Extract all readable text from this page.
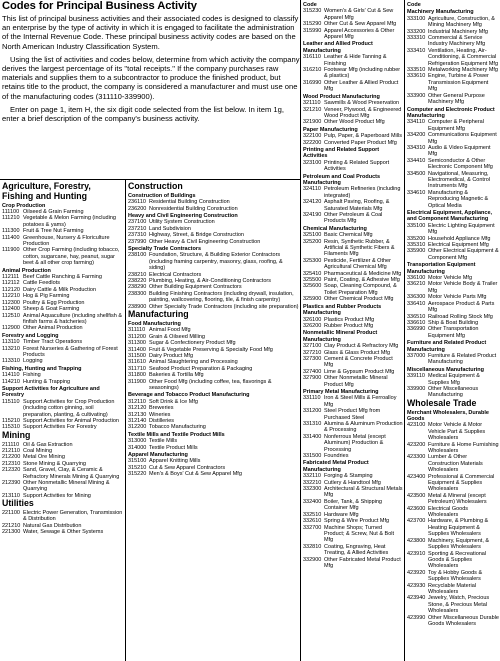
Codes for Principal Business Activity

This list of principal business activities and their associated codes is designed to classify an enterprise by the type of activity in which it is engaged to facilitate the administration of the Internal Revenue Code. These principal business activity codes are based on the North American Industry Classification System.

Using the list of activities and codes below, determine from which activity the company derives the largest percentage of its "total receipts." If the company purchases raw materials and supplies them to a subcontractor to produce the finished product, but retains title to the product, the company is considered a manufacturer and must use one of the manufacturing codes (311110-339900).

Enter on page 1, item H, the six digit code selected from the list below. In item 1g, enter a brief description of the company's business activity.

Agriculture, Forestry, Fishing and Hunting
Crop Production
111100 Oilseed & Grain Farming
111210 Vegetable & Melon Farming (including potatoes & yams)
111300 Fruit & Tree Nut Farming
111400 Greenhouse, Nursery & Floriculture Production
111900 Other Crop Farming (including tobacco, cotton, sugarcane, hay, peanut, sugar beet & all other crop farming)
Animal Production
112111 Beef Cattle Ranching & Farming
112112 Cattle Feedlots
112120 Dairy Cattle & Milk Production
112210 Hog & Pig Farming
112300 Poultry & Egg Production
112400 Sheep & Goat Farming
112510 Animal Aquaculture (including shellfish & finfish farms & hatcheries)
112900 Other Animal Production
Forestry and Logging
113110 Timber Tract Operations
113210 Forest Nurseries & Gathering of Forest Products
113310 Logging
Fishing, Hunting and Trapping
114110 Fishing
114210 Hunting & Trapping
Support Activities for Agriculture and Forestry
115110 Support Activities for Crop Production (including cotton ginning, soil preparation, planting, & cultivating)
115210 Support Activities for Animal Production
115310 Support Activities For Forestry
Mining
211110 Oil & Gas Extraction
212110 Coal Mining
212200 Metal Ore Mining
212310 Stone Mining & Quarrying
212320 Sand, Gravel, Clay, & Ceramic & Refractory Minerals Mining & Quarrying
212390 Other Nonmetallic Mineral Mining & Quarrying
213110 Support Activities for Mining
Utilities
221100 Electric Power Generation, Transmission & Distribution
221210 Natural Gas Distribution
221300 Water, Sewage & Other Systems
Construction
Construction of Buildings
236110 Residential Building Construction
236200 Nonresidential Building Construction
Heavy and Civil Engineering Construction
237100 Utility System Construction
237210 Land Subdivision
237310 Highway, Street, & Bridge Construction
237990 Other Heavy & Civil Engineering Construction
Specialty Trade Contractors
238100 Foundation, Structure, & Building Exterior Contractors (including framing carpentry, masonry, glass, roofing, & siding)
238210 Electrical Contractors
238220 Plumbing, Heating, & Air-Conditioning Contractors
238290 Other Building Equipment Contractors
238300 Building Finishing Contractors (including drywall, insulation, painting, wallcovering, flooring, tile, & finish carpentry)
238900 Other Specialty Trade Contractors (including site preparation)
Manufacturing
Food Manufacturing
311110 Animal Food Mfg
311200 Grain & Oilseed Milling
311300 Sugar & Confectionery Product Mfg
311400 Fruit & Vegetable Preserving & Specialty Food Mfg
311500 Dairy Product Mfg
311610 Animal Slaughtering and Processing
311710 Seafood Product Preparation & Packaging
311800 Bakeries & Tortilla Mfg
311900 Other Food Mfg (including coffee, tea, flavorings & seasonings)
Beverage and Tobacco Product Manufacturing
312110 Soft Drink & Ice Mfg
312120 Breweries
312130 Wineries
312140 Distilleries
312200 Tobacco Manufacturing
Textile Mills and Textile Product Mills
313000 Textile Mills
314000 Textile Product Mills
Apparel Manufacturing
315100 Apparel Knitting Mills
315210 Cut & Sew Apparel Contractors
315220 Men's & Boys' Cut & Sew Apparel Mfg
Code
315230 Women's & Girls' Cut & Sew Apparel Mfg
315290 Other Cut & Sew Apparel Mfg
315990 Apparel Accessories & Other Apparel Mfg
Leather and Allied Product Manufacturing
316110 Leather & Hide Tanning & Finishing
316210 Footwear Mfg (including rubber & plastics)
316990 Other Leather & Allied Product Mfg
Wood Product Manufacturing
321110 Sawmills & Wood Preservation
321210 Veneer, Plywood, & Engineered Wood Product Mfg
321900 Other Wood Product Mfg
Paper Manufacturing
322100 Pulp, Paper, & Paperboard Mills
322200 Converted Paper Product Mfg
Printing and Related Support Activities
323100 Printing & Related Support Activities
Petroleum and Coal Products Manufacturing
324110 Petroleum Refineries (including integrated)
324120 Asphalt Paving, Roofing, & Saturated Materials Mfg
324190 Other Petroleum & Coal Products Mfg
Chemical Manufacturing
325100 Basic Chemical Mfg
325200 Resin, Synthetic Rubber, & Artificial & Synthetic Fibers & Filaments Mfg
325300 Pesticide, Fertilizer & Other Agricultural Chemical Mfg
325410 Pharmaceutical & Medicine Mfg
325500 Paint, Coating, & Adhesive Mfg
325600 Soap, Cleaning Compound, & Toilet Preparation Mfg
325900 Other Chemical Product Mfg
Plastics and Rubber Products Manufacturing
326100 Plastics Product Mfg
326200 Rubber Product Mfg
Nonmetallic Mineral Product Manufacturing
327100 Clay Product & Refractory Mfg
327210 Glass & Glass Product Mfg
327300 Cement & Concrete Product Mfg
327400 Lime & Gypsum Product Mfg
327900 Other Nonmetallic Mineral Product Mfg
Primary Metal Manufacturing
331110 Iron & Steel Mills & Ferroalloy Mfg
331200 Steel Product Mfg from Purchased Steel
331310 Alumina & Aluminum Production & Processing
331400 Nonferrous Metal (except Aluminum) Production & Processing
331500 Foundries
Fabricated Metal Product Manufacturing
332110 Forging & Stamping
332210 Cutlery & Handtool Mfg
332300 Architectural & Structural Metals Mfg
332400 Boiler, Tank, & Shipping Container Mfg
332510 Hardware Mfg
332610 Spring & Wire Product Mfg
332700 Machine Shops; Turned Product; & Screw, Nut & Bolt Mfg
332810 Coating, Engraving, Heat Treating, & Allied Activities
332900 Other Fabricated Metal Product Mfg
Code
Machinery Manufacturing
333100 Agriculture, Construction, & Mining Machinery Mfg
333200 Industrial Machinery Mfg
333310 Commercial & Service Industry Machinery Mfg
333410 Ventilation, Heating, Air-Conditioning, & Commercial Refrigeration Equipment Mfg
333510 Metalworking Machinery Mfg
333610 Engine, Turbine & Power Transmission Equipment Mfg
333900 Other General Purpose Machinery Mfg
Computer and Electronic Product Manufacturing
334110 Computer & Peripheral Equipment Mfg
334200 Communications Equipment Mfg
334310 Audio & Video Equipment Mfg
334410 Semiconductor & Other Electronic Component Mfg
334500 Navigational, Measuring, Electromedical, & Control Instruments Mfg
334610 Manufacturing & Reproducing Magnetic & Optical Media
Electrical Equipment, Appliance, and Component Manufacturing
335100 Electric Lighting Equipment Mfg
335200 Household Appliance Mfg
335310 Electrical Equipment Mfg
335900 Other Electrical Equipment & Component Mfg
Transportation Equipment Manufacturing
336100 Motor Vehicle Mfg
336210 Motor Vehicle Body & Trailer Mfg
336300 Motor Vehicle Parts Mfg
336410 Aerospace Product & Parts Mfg
336510 Railroad Rolling Stock Mfg
336610 Ship & Boat Building
336990 Other Transportation Equipment Mfg
Furniture and Related Product Manufacturing
337000 Furniture & Related Product Manufacturing
Miscellaneous Manufacturing
339110 Medical Equipment & Supplies Mfg
339900 Other Miscellaneous Manufacturing
Wholesale Trade
Merchant Wholesalers, Durable Goods
423100 Motor Vehicle & Motor Vehicle Part & Supplies Wholesalers
423200 Furniture & Home Furnishing Wholesalers
423300 Lumber & Other Construction Materials Wholesalers
423400 Professional & Commercial Equipment & Supplies Wholesalers
423500 Metal & Mineral (except Petroleum) Wholesalers
423600 Electrical Goods Wholesalers
423700 Hardware, & Plumbing & Heating Equipment & Supplies Wholesalers
423800 Machinery, Equipment, & Supplies Wholesalers
423910 Sporting & Recreational Goods & Supplies Wholesalers
423920 Toy & Hobby Goods & Supplies Wholesalers
423930 Recyclable Material Wholesalers
423940 Jewelry, Watch, Precious Stone, & Precious Metal Wholesalers
423990 Other Miscellaneous Durable Goods Wholesalers
